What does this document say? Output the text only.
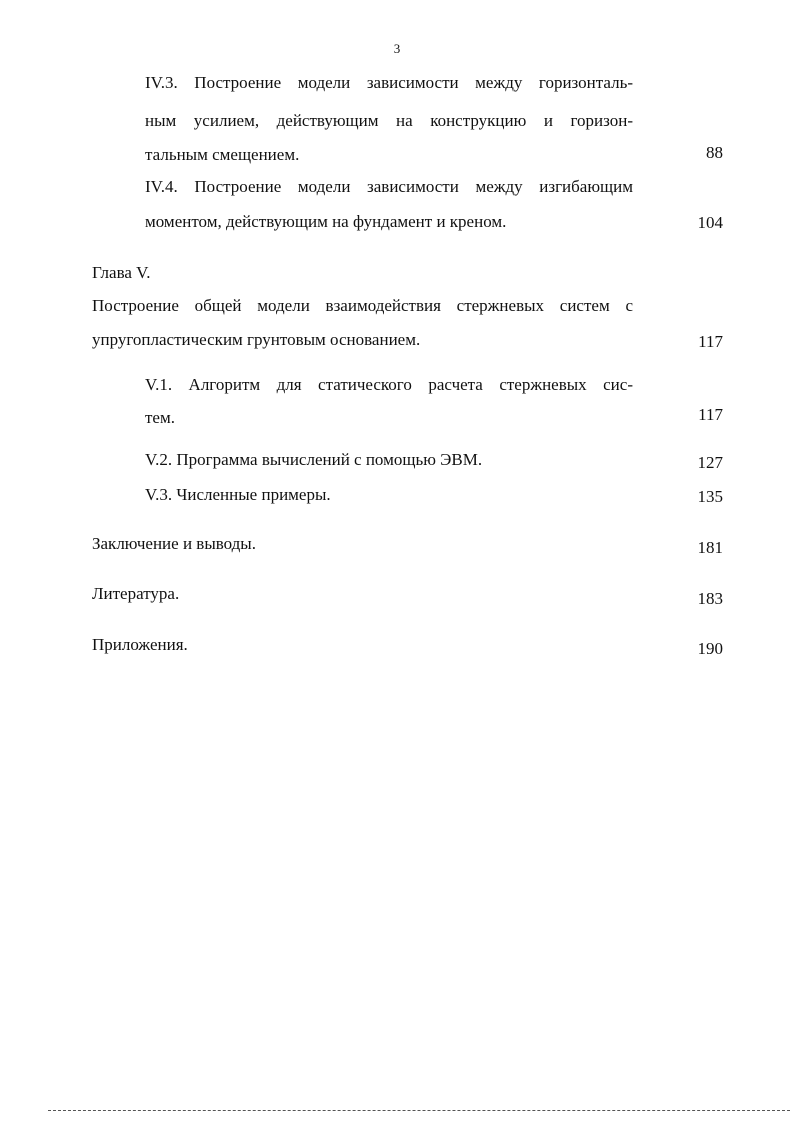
3
IV.3. Построение модели зависимости между горизонталь-
ным усилием, действующим на конструкцию и горизон-
тальным смещением.	88
IV.4. Построение модели зависимости между изгибающим
моментом, действующим на фундамент и креном.	104
Глава V.
Построение общей модели взаимодействия стержневых систем с
упругопластическим грунтовым основанием.	117
V.1. Алгоритм для статического расчета стержневых сис-
тем.	117
V.2. Программа вычислений с помощью ЭВМ.	127
V.3. Численные примеры.	135
Заключение и выводы.	181
Литература.	183
Приложения.	190
